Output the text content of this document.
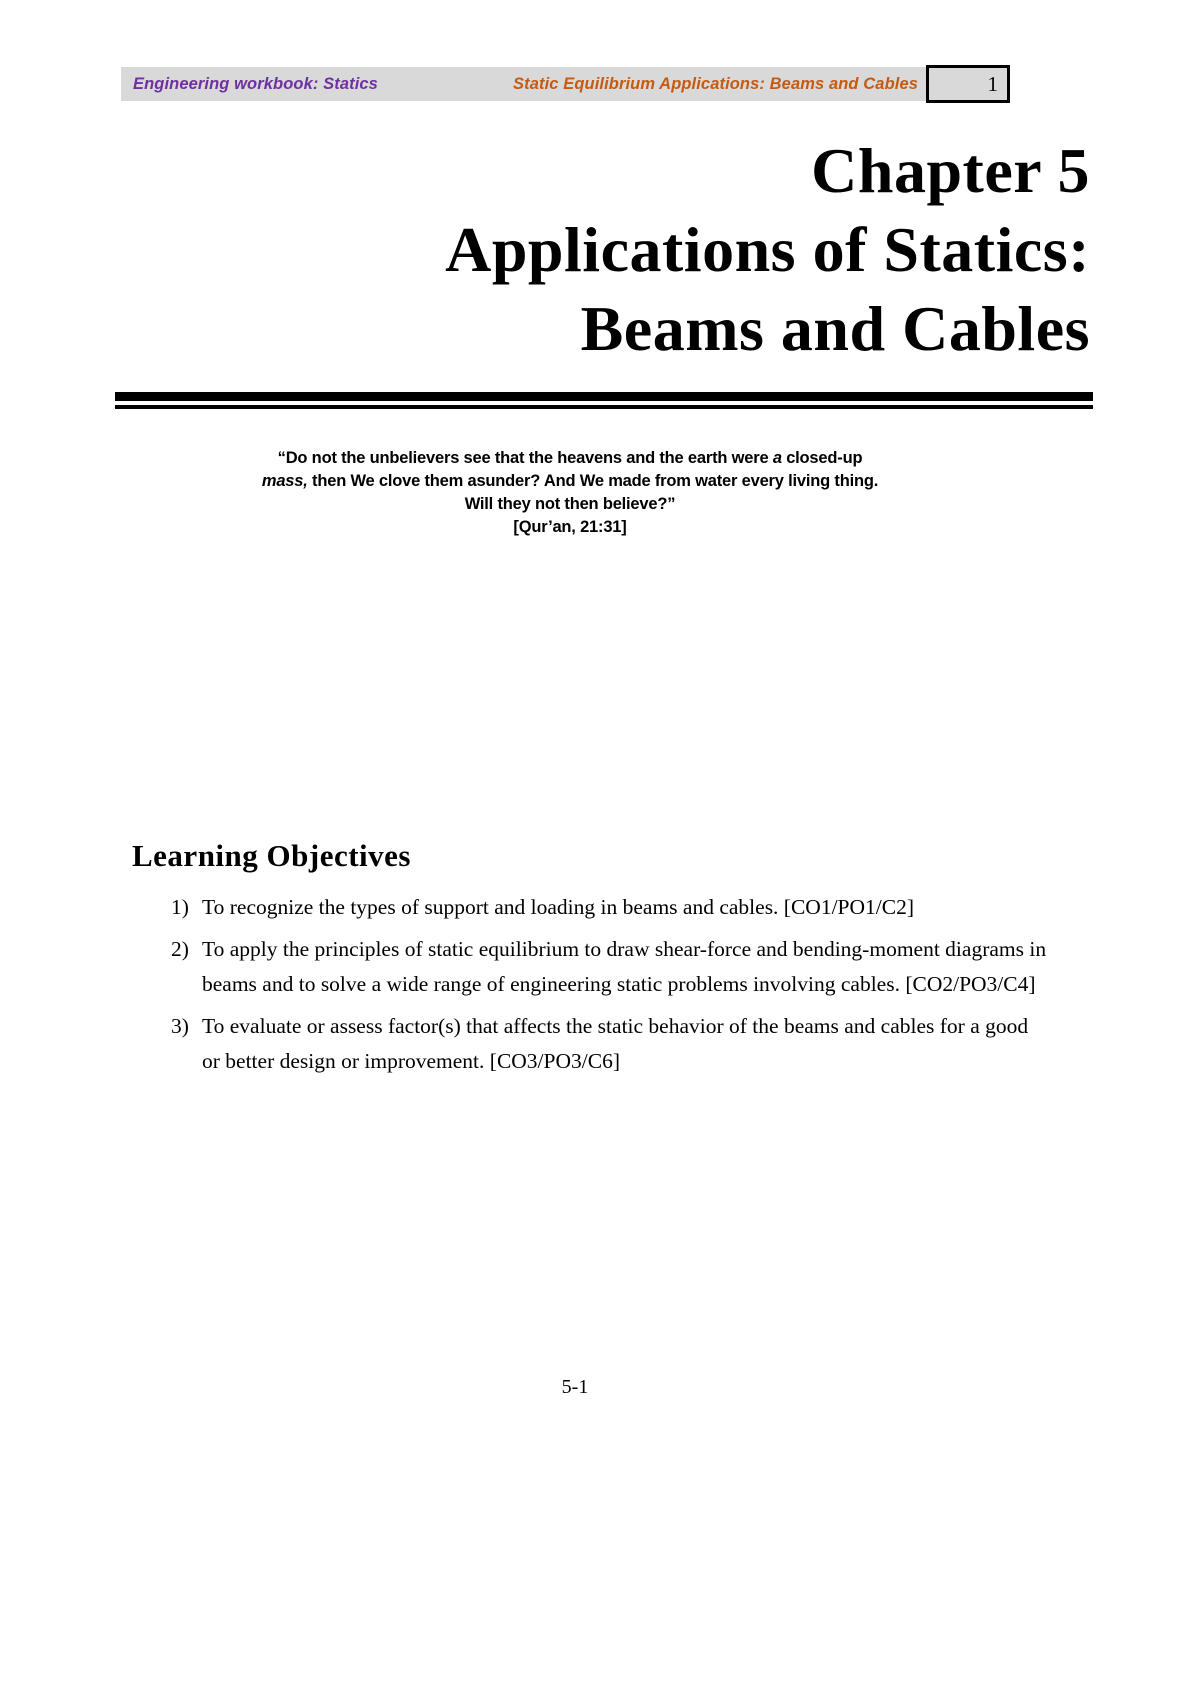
Engineering workbook: Statics	Static Equilibrium Applications: Beams and Cables	1
Chapter 5
Applications of Statics:
Beams and Cables
“Do not the unbelievers see that the heavens and the earth were a closed-up
mass, then We clove them asunder? And We made from water every living thing.
Will they not then believe?”
[Qur’an, 21:31]
Learning Objectives
1) To recognize the types of support and loading in beams and cables. [CO1/PO1/C2]
2) To apply the principles of static equilibrium to draw shear-force and bending-moment diagrams in beams and to solve a wide range of engineering static problems involving cables. [CO2/PO3/C4]
3) To evaluate or assess factor(s) that affects the static behavior of the beams and cables for a good or better design or improvement. [CO3/PO3/C6]
5-1
